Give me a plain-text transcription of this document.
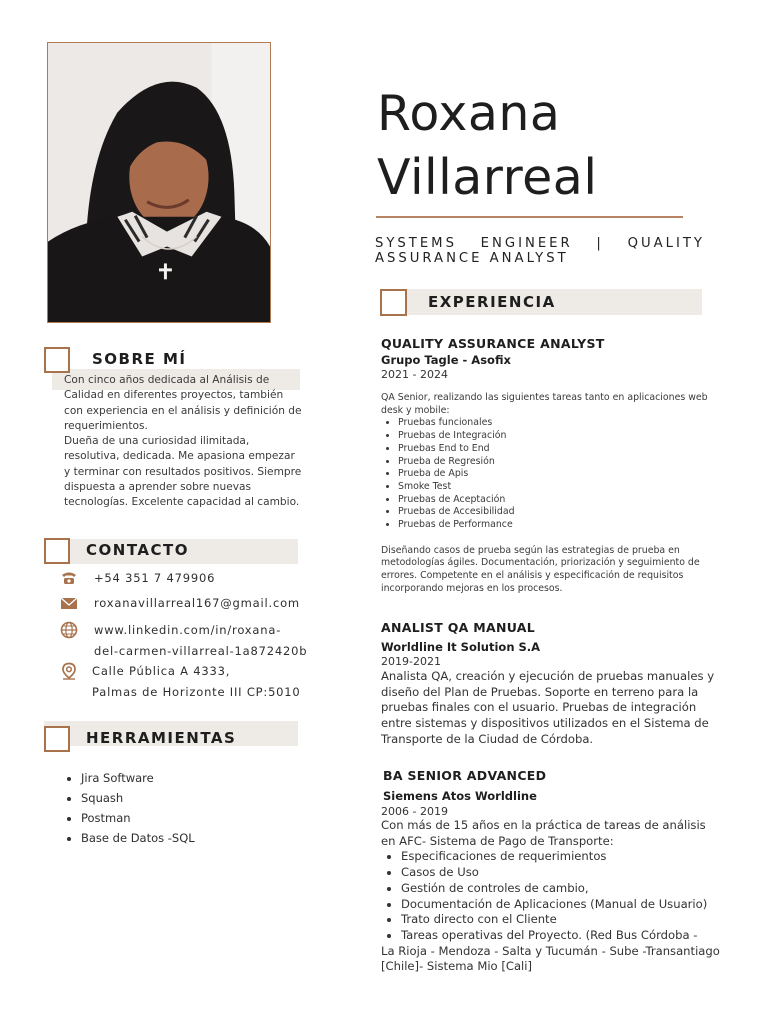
Roxana
Villarreal
SYSTEMS ENGINEER | QUALITY ASSURANCE ANALYST
SOBRE MÍ

Con cinco años dedicada al Análisis de Calidad en diferentes proyectos, también con experiencia en el análisis y definición de requerimientos.

Dueña de una curiosidad ilimitada, resolutiva, dedicada. Me apasiona empezar y terminar con resultados positivos. Siempre dispuesta a aprender sobre nuevas tecnologías. Excelente capacidad al cambio.

CONTACTO
+54 351 7 479906
roxanavillarreal167@gmail.com
www.linkedin.com/in/roxana-
del-carmen-villarreal-1a872420b
Calle Pública A 4333,
Palmas de Horizonte III CP:5010
HERRAMIENTAS
• Jira Software
• Squash
• Postman
• Base de Datos -SQL
EXPERIENCIA
QUALITY ASSURANCE ANALYST
Grupo Tagle - Asofix
2021 - 2024
QA Senior, realizando las siguientes tareas tanto en aplicaciones web desk y mobile:
• Pruebas funcionales
• Pruebas de Integración
• Pruebas End to End
• Prueba de Regresión
• Prueba de Apis
• Smoke Test
• Pruebas de Aceptación
• Pruebas de Accesibilidad
• Pruebas de Performance
Diseñando casos de prueba según las estrategias de prueba en metodologías ágiles. Documentación, priorización y seguimiento de errores. Competente en el análisis y especificación de requisitos incorporando mejoras en los procesos.
ANALIST QA MANUAL
Worldline It Solution S.A
2019-2021
Analista QA, creación y ejecución de pruebas manuales y diseño del Plan de Pruebas. Soporte en terreno para la pruebas finales con el usuario. Pruebas de integración entre sistemas y dispositivos utilizados en el Sistema de Transporte de la Ciudad de Córdoba.
BA SENIOR ADVANCED
Siemens Atos Worldline
2006 - 2019
Con más de 15 años en la práctica de tareas de análisis en AFC- Sistema de Pago de Transporte:
• Especificaciones de requerimientos
• Casos de Uso
• Gestión de controles de cambio,
• Documentación de Aplicaciones (Manual de Usuario)
• Trato directo con el Cliente
• Tareas operativas del Proyecto. (Red Bus Córdoba -
La Rioja - Mendoza - Salta y Tucumán - Sube -Transantiago [Chile]- Sistema Mio [Cali]
